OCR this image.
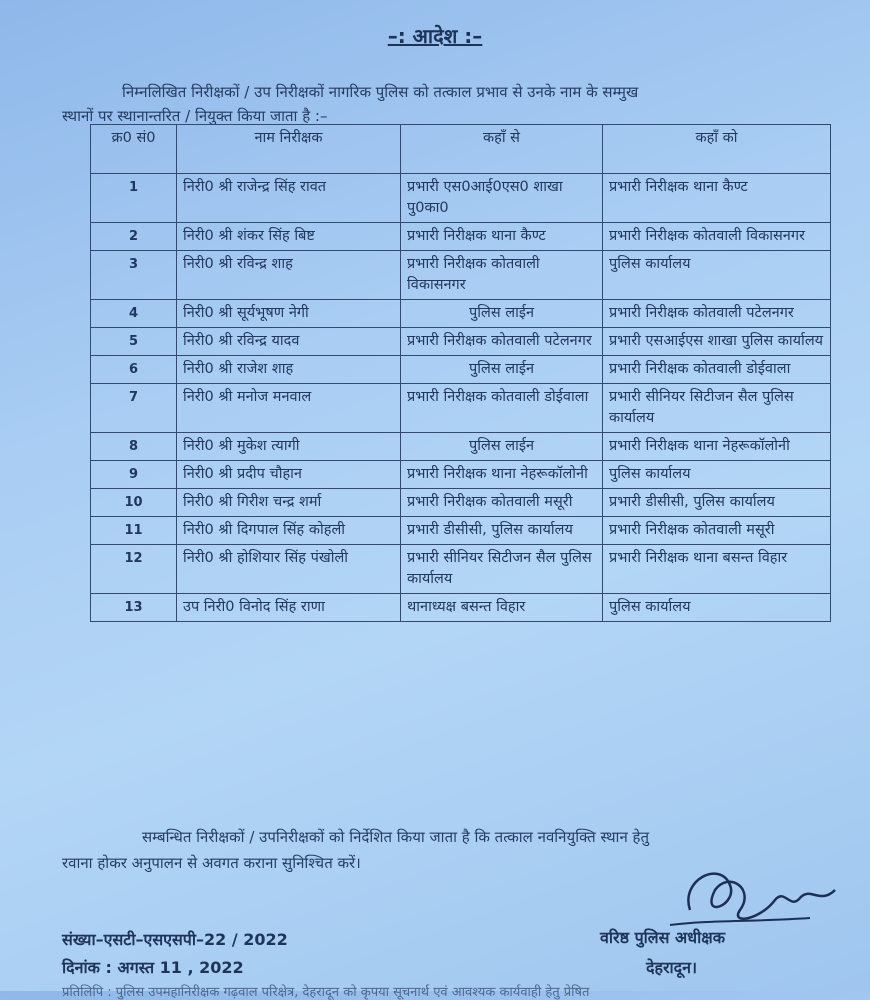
–: आदेश :–
निम्नलिखित निरीक्षकों / उप निरीक्षकों नागरिक पुलिस को तत्काल प्रभाव से उनके नाम के सम्मुख
स्थानों पर स्थानान्तरित / नियुक्त किया जाता है :–
क्र0 सं0	नाम निरीक्षक	कहाँ से	कहाँ को
1	निरी0 श्री राजेन्द्र सिंह रावत	प्रभारी एस0आई0एस0 शाखा पु0का0	प्रभारी निरीक्षक थाना कैण्ट
2	निरी0 श्री शंकर सिंह बिष्ट	प्रभारी निरीक्षक थाना कैण्ट	प्रभारी निरीक्षक कोतवाली विकासनगर
3	निरी0 श्री रविन्द्र शाह	प्रभारी निरीक्षक कोतवाली विकासनगर	पुलिस कार्यालय
4	निरी0 श्री सूर्यभूषण नेगी	पुलिस लाईन	प्रभारी निरीक्षक कोतवाली पटेलनगर
5	निरी0 श्री रविन्द्र यादव	प्रभारी निरीक्षक कोतवाली पटेलनगर	प्रभारी एसआईएस शाखा पुलिस कार्यालय
6	निरी0 श्री राजेश शाह	पुलिस लाईन	प्रभारी निरीक्षक कोतवाली डोईवाला
7	निरी0 श्री मनोज मनवाल	प्रभारी निरीक्षक कोतवाली डोईवाला	प्रभारी सीनियर सिटीजन सैल पुलिस कार्यालय
8	निरी0 श्री मुकेश त्यागी	पुलिस लाईन	प्रभारी निरीक्षक थाना नेहरूकॉलोनी
9	निरी0 श्री प्रदीप चौहान	प्रभारी निरीक्षक थाना नेहरूकॉलोनी	पुलिस कार्यालय
10	निरी0 श्री गिरीश चन्द्र शर्मा	प्रभारी निरीक्षक कोतवाली मसूरी	प्रभारी डीसीसी, पुलिस कार्यालय
11	निरी0 श्री दिगपाल सिंह कोहली	प्रभारी डीसीसी, पुलिस कार्यालय	प्रभारी निरीक्षक कोतवाली मसूरी
12	निरी0 श्री होशियार सिंह पंखोली	प्रभारी सीनियर सिटीजन सैल पुलिस कार्यालय	प्रभारी निरीक्षक थाना बसन्त विहार
13	उप निरी0 विनोद सिंह राणा	थानाध्यक्ष बसन्त विहार	पुलिस कार्यालय
सम्बन्धित निरीक्षकों / उपनिरीक्षकों को निर्देशित किया जाता है कि तत्काल नवनियुक्ति स्थान हेतु
रवाना होकर अनुपालन से अवगत कराना सुनिश्चित करें।
संख्या–एसटी–एसएसपी–22 / 2022
दिनांक : अगस्त 11 , 2022
वरिष्ठ पुलिस अधीक्षक
देहरादून।
प्रतिलिपि : पुलिस उपमहानिरीक्षक गढ़वाल परिक्षेत्र, देहरादून को कृपया सूचनार्थ एवं आवश्यक कार्यवाही हेतु प्रेषित
